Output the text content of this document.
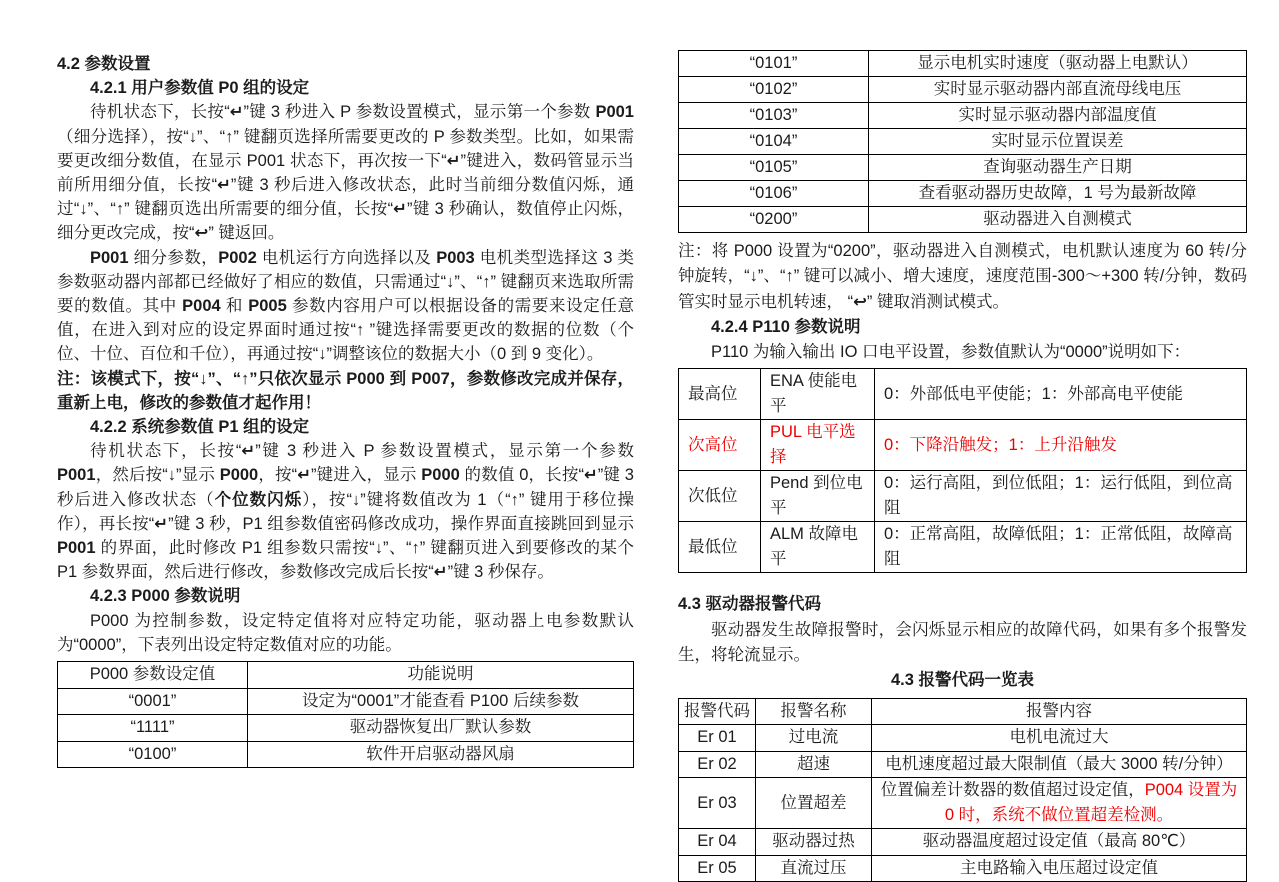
4.2 参数设置
4.2.1 用户参数值 P0 组的设定

待机状态下，长按“↵”键 3 秒进入 P 参数设置模式，显示第一个参数 P001（细分选择），按“↓”、“↑” 键翻页选择所需要更改的 P 参数类型。比如，如果需要更改细分数值，在显示 P001 状态下，再次按一下“↵”键进入，数码管显示当前所用细分值，长按“↵”键 3 秒后进入修改状态，此时当前细分数值闪烁，通过“↓”、“↑” 键翻页选出所需要的细分值，长按“↵”键 3 秒确认，数值停止闪烁，细分更改完成，按“↩” 键返回。

P001 细分参数，P002 电机运行方向选择以及 P003 电机类型选择这 3 类参数驱动器内部都已经做好了相应的数值，只需通过“↓”、“↑” 键翻页来选取所需要的数值。其中 P004 和 P005 参数内容用户可以根据设备的需要来设定任意值，在进入到对应的设定界面时通过按“↑ ”键选择需要更改的数据的位数（个位、十位、百位和千位），再通过按“↓”调整该位的数据大小（0 到 9 变化）。

注：该模式下，按“↓”、“↑”只依次显示 P000 到 P007，参数修改完成并保存，重新上电，修改的参数值才起作用！

4.2.2 系统参数值 P1 组的设定

待机状态下，长按“↵”键 3 秒进入 P 参数设置模式，显示第一个参数 P001，然后按“↓”显示 P000，按“↵”键进入，显示 P000 的数值 0，长按“↵”键 3 秒后进入修改状态（个位数闪烁），按“↓”键将数值改为 1（“↑” 键用于移位操作），再长按“↵”键 3 秒，P1 组参数值密码修改成功，操作界面直接跳回到显示 P001 的界面，此时修改 P1 组参数只需按“↓”、“↑” 键翻页进入到要修改的某个 P1 参数界面，然后进行修改，参数修改完成后长按“↵”键 3 秒保存。

4.2.3 P000 参数说明

P000 为控制参数，设定特定值将对应特定功能，驱动器上电参数默认为“0000”，下表列出设定特定数值对应的功能。

P000 参数设定值	功能说明
“0001”	设定为“0001”才能查看 P100 后续参数
“1111”	驱动器恢复出厂默认参数
“0100”	软件开启驱动器风扇
“0101”	显示电机实时速度（驱动器上电默认）
“0102”	实时显示驱动器内部直流母线电压
“0103”	实时显示驱动器内部温度值
“0104”	实时显示位置误差
“0105”	查询驱动器生产日期
“0106”	查看驱动器历史故障，1 号为最新故障
“0200”	驱动器进入自测模式

注：将 P000 设置为“0200”，驱动器进入自测模式，电机默认速度为 60 转/分钟旋转，“↓”、“↑” 键可以减小、增大速度，速度范围-300～+300 转/分钟，数码管实时显示电机转速， “↩” 键取消测试模式。

4.2.4 P110 参数说明

P110 为输入输出 IO 口电平设置，参数值默认为“0000”说明如下：

最高位	ENA 使能电平	0：外部低电平使能；1：外部高电平使能
次高位	PUL 电平选择	0：下降沿触发；1：上升沿触发
次低位	Pend 到位电平	0：运行高阻，到位低阻；1：运行低阻，到位高阻
最低位	ALM 故障电平	0：正常高阻，故障低阻；1：正常低阻，故障高阻
4.3 驱动器报警代码

驱动器发生故障报警时，会闪烁显示相应的故障代码，如果有多个报警发生，将轮流显示。

4.3 报警代码一览表
报警代码	报警名称	报警内容
Er 01	过电流	电机电流过大
Er 02	超速	电机速度超过最大限制值（最大 3000 转/分钟）
Er 03	位置超差	位置偏差计数器的数值超过设定值，P004 设置为 0 时，系统不做位置超差检测。
Er 04	驱动器过热	驱动器温度超过设定值（最高 80℃）
Er 05	直流过压	主电路输入电压超过设定值
